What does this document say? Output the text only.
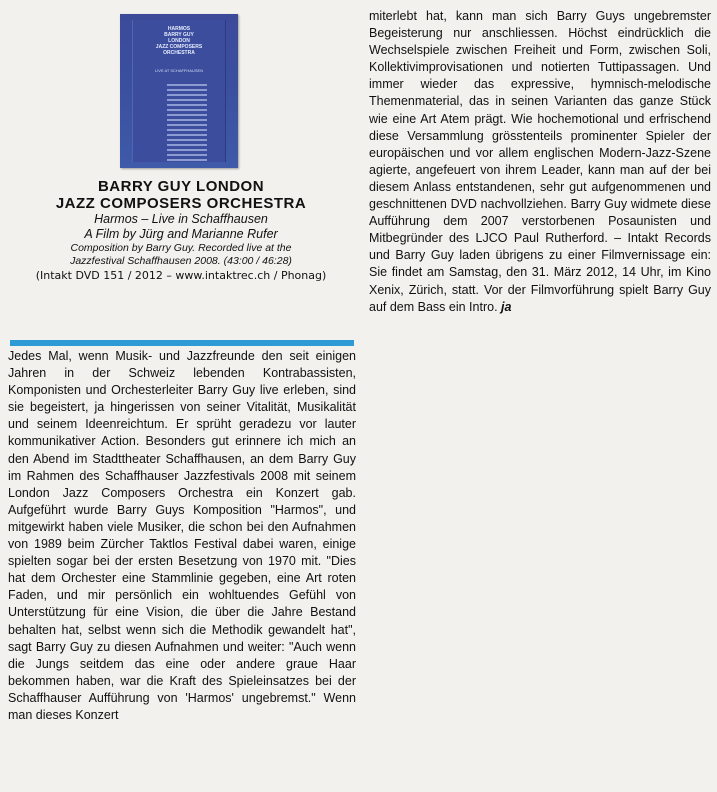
HARMOS
BARRY GUY
LONDON
JAZZ COMPOSERS
ORCHESTRA
LIVE AT SCHAFFHAUSEN

BARRY GUY LONDON

JAZZ COMPOSERS ORCHESTRA

Harmos – Live in Schaffhausen

A Film by Jürg and Marianne Rufer

Composition by Barry Guy. Recorded live at the

Jazzfestival Schaffhausen 2008. (43:00 / 46:28)

(Intakt DVD 151 / 2012 – www.intaktrec.ch / Phonag)

Jedes Mal, wenn Musik- und Jazzfreunde den seit einigen Jahren in der Schweiz lebenden Kontrabassisten, Komponisten und Orchesterleiter Barry Guy live erleben, sind sie begeistert, ja hingerissen von seiner Vitalität, Musikalität und seinem Ideenreichtum. Er sprüht geradezu vor lauter kommunikativer Action. Besonders gut erinnere ich mich an den Abend im Stadttheater Schaffhausen, an dem Barry Guy im Rahmen des Schaffhauser Jazzfestivals 2008 mit seinem London Jazz Composers Orchestra ein Konzert gab. Aufgeführt wurde Barry Guys Komposition "Harmos", und mitgewirkt haben viele Musiker, die schon bei den Aufnahmen von 1989 beim Zürcher Taktlos Festival dabei waren, einige spielten sogar bei der ersten Besetzung von 1970 mit. "Dies hat dem Orchester eine Stammlinie gegeben, eine Art roten Faden, und mir persönlich ein wohltuendes Gefühl von Unterstützung für eine Vision, die über die Jahre Bestand behalten hat, selbst wenn sich die Methodik gewandelt hat", sagt Barry Guy zu diesen Aufnahmen und weiter: "Auch wenn die Jungs seitdem das eine oder andere graue Haar bekommen haben, war die Kraft des Spieleinsatzes bei der Schaffhauser Aufführung von 'Harmos' ungebremst." Wenn man dieses Konzert

miterlebt hat, kann man sich Barry Guys ungebremster Begeisterung nur anschliessen. Höchst eindrücklich die Wechselspiele zwischen Freiheit und Form, zwischen Soli, Kollektivimprovisationen und notierten Tuttipassagen. Und immer wieder das expressive, hymnisch-melodische Themenmaterial, das in seinen Varianten das ganze Stück wie eine Art Atem prägt. Wie hochemotional und erfrischend diese Versammlung grösstenteils prominenter Spieler der europäischen und vor allem englischen Modern-Jazz-Szene agierte, angefeuert von ihrem Leader, kann man auf der bei diesem Anlass entstandenen, sehr gut aufgenommenen und geschnittenen DVD nachvollziehen. Barry Guy widmete diese Aufführung dem 2007 verstorbenen Posaunisten und Mitbegründer des LJCO Paul Rutherford. – Intakt Records und Barry Guy laden übrigens zu einer Filmvernissage ein: Sie findet am Samstag, den 31. März 2012, 14 Uhr, im Kino Xenix, Zürich, statt. Vor der Filmvorführung spielt Barry Guy auf dem Bass ein Intro. ja
